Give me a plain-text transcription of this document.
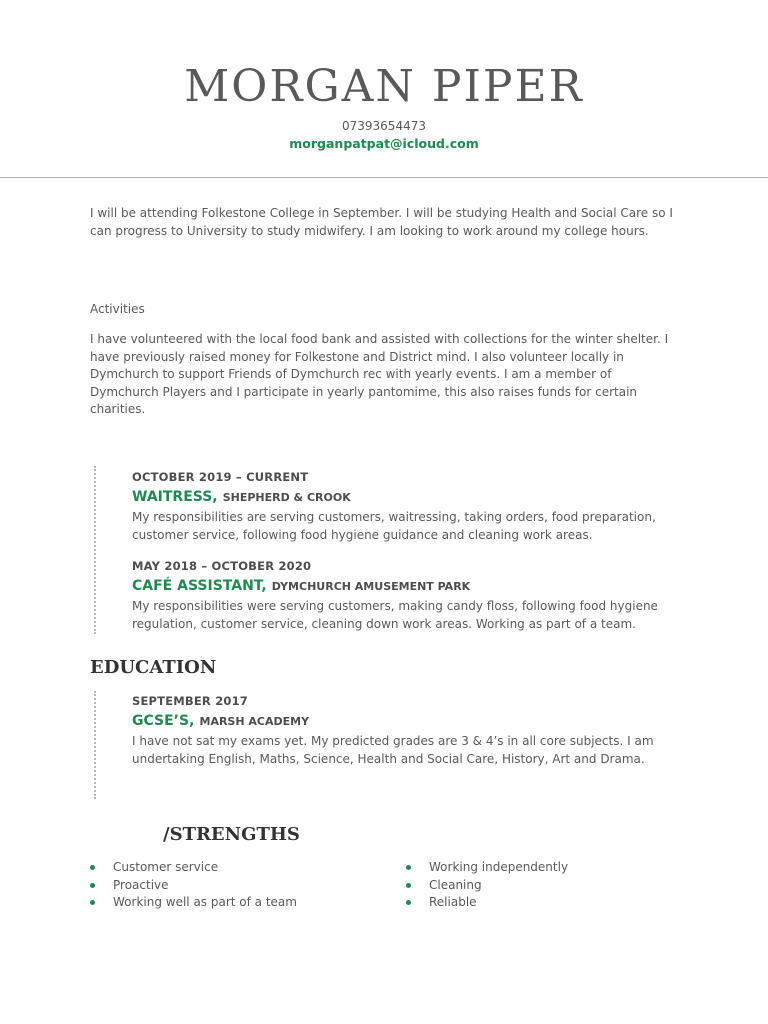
MORGAN PIPER
07393654473
morganpatpat@icloud.com

I will be attending Folkestone College in September. I will be studying Health and Social Care so I can progress to University to study midwifery. I am looking to work around my college hours.

Activities

I have volunteered with the local food bank and assisted with collections for the winter shelter. I have previously raised money for Folkestone and District mind. I also volunteer locally in Dymchurch to support Friends of Dymchurch rec with yearly events. I am a member of Dymchurch Players and I participate in yearly pantomime, this also raises funds for certain charities.

OCTOBER 2019 – CURRENT
WAITRESS, SHEPHERD & CROOK
My responsibilities are serving customers, waitressing, taking orders, food preparation, customer service, following food hygiene guidance and cleaning work areas.
MAY 2018 – OCTOBER 2020
CAFÉ ASSISTANT, DYMCHURCH AMUSEMENT PARK
My responsibilities were serving customers, making candy floss, following food hygiene regulation, customer service, cleaning down work areas. Working as part of a team.
EDUCATION
SEPTEMBER 2017
GCSE’S, MARSH ACADEMY
I have not sat my exams yet. My predicted grades are 3 & 4’s in all core subjects. I am undertaking English, Maths, Science, Health and Social Care, History, Art and Drama.
/STRENGTHS
Customer service
Proactive
Working well as part of a team
Working independently
Cleaning
Reliable
